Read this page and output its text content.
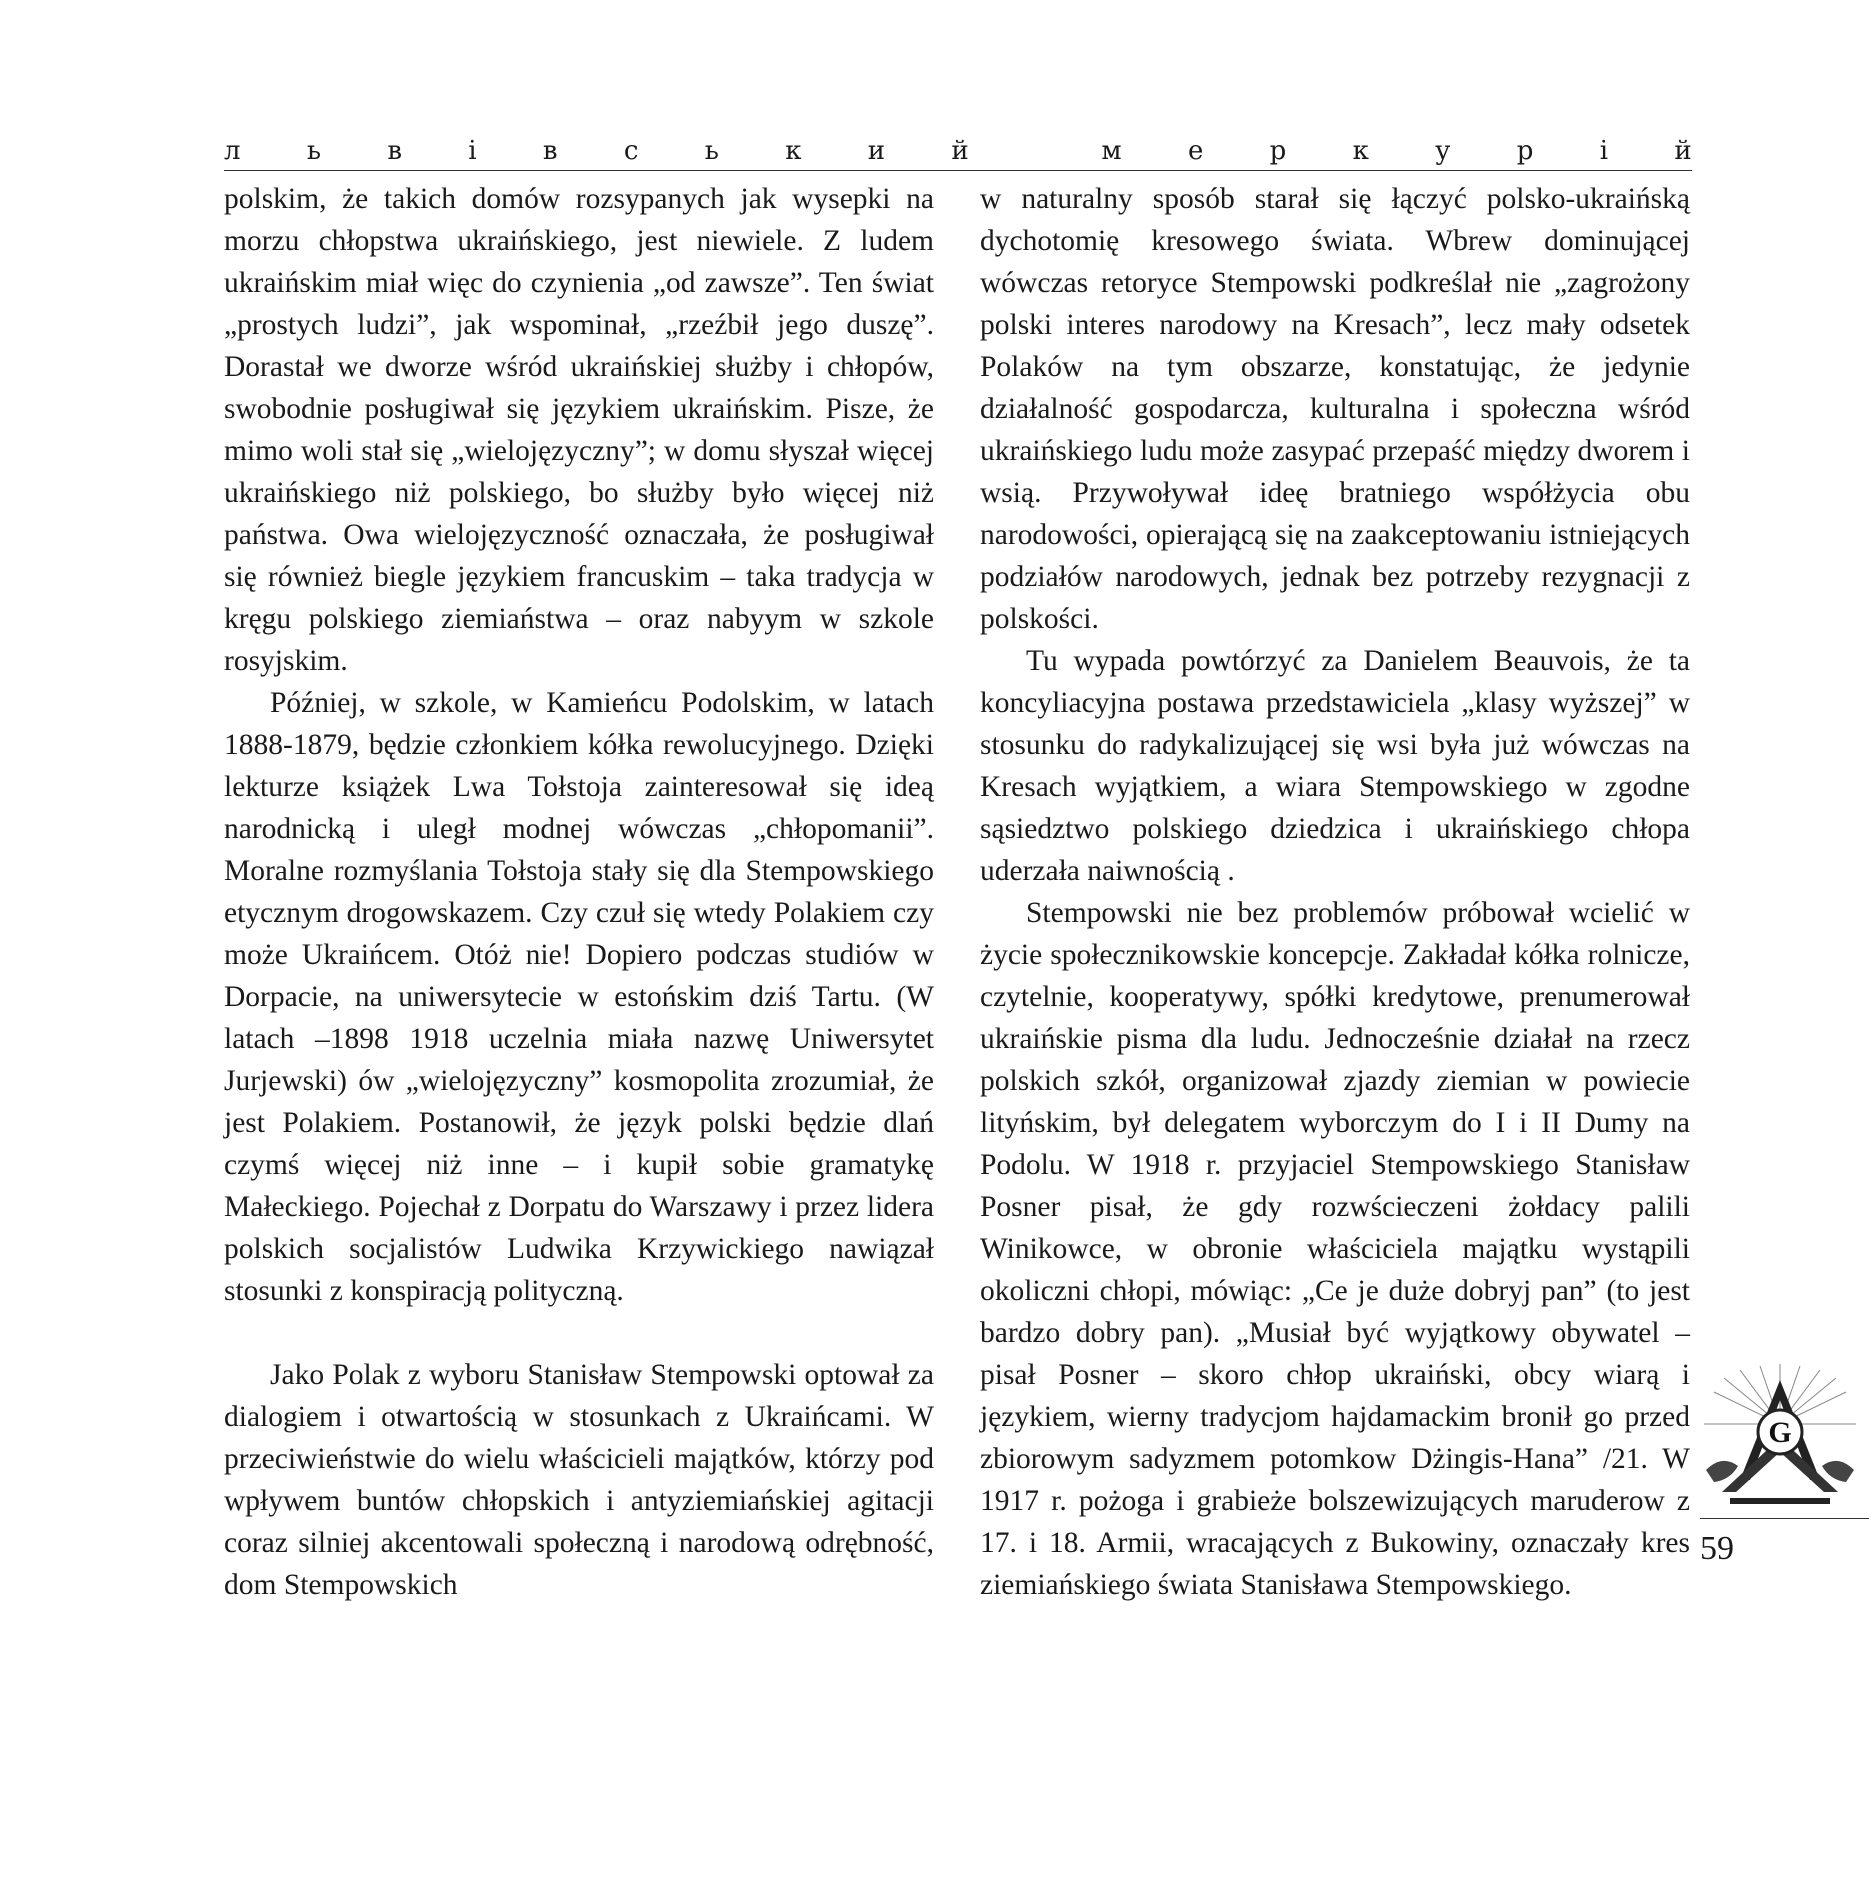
л	ь	в	і	в	с	ь	к	и	й	м	е	р	к	у	р	і	й

polskim, że takich domów rozsypanych jak wysepki na morzu chłopstwa ukraińskiego, jest niewiele. Z ludem ukraińskim miał więc do czynienia „od zawsze”. Ten świat „prostych ludzi”, jak wspominał, „rzeźbił jego duszę”. Dorastał we dworze wśród ukraińskiej służby i chłopów, swobodnie posługiwał się językiem ukraińskim. Pisze, że mimo woli stał się „wielojęzyczny”; w domu słyszał więcej ukraińskiego niż polskiego, bo służby było więcej niż państwa. Owa wielojęzyczność oznaczała, że posługiwał się również biegle językiem francuskim – taka tradycja w kręgu polskiego ziemiaństwa – oraz nabyym w szkole rosyjskim.

Później, w szkole, w Kamieńcu Podolskim, w latach 1888-1879, będzie członkiem kółka rewolucyjnego. Dzięki lekturze książek Lwa Tołstoja zainteresował się ideą narodnicką i uległ modnej wówczas „chłopomanii”. Moralne rozmyślania Tołstoja stały się dla Stempowskiego etycznym drogowskazem. Czy czuł się wtedy Polakiem czy może Ukraińcem. Otóż nie! Dopiero podczas studiów w Dorpacie, na uniwersytecie w estońskim dziś Tartu. (W latach –1898 1918 uczelnia miała nazwę Uniwersytet Jurjewski) ów „wielojęzyczny” kosmopolita zrozumiał, że jest Polakiem. Postanowił, że język polski będzie dlań czymś więcej niż inne – i kupił sobie gramatykę Małeckiego. Pojechał z Dorpatu do Warszawy i przez lidera polskich socjalistów Ludwika Krzywickiego nawiązał stosunki z konspiracją polityczną.

Jako Polak z wyboru Stanisław Stempowski optował za dialogiem i otwartością w stosunkach z Ukraińcami. W przeciwieństwie do wielu właścicieli majątków, którzy pod wpływem buntów chłopskich i antyziemiańskiej agitacji coraz silniej akcentowali społeczną i narodową odrębność, dom Stempowskich

w naturalny sposób starał się łączyć polsko-ukraińską dychotomię kresowego świata. Wbrew dominującej wówczas retoryce Stempowski podkreślał nie „zagrożony polski interes narodowy na Kresach”, lecz mały odsetek Polaków na tym obszarze, konstatując, że jedynie działalność gospodarcza, kulturalna i społeczna wśród ukraińskiego ludu może zasypać przepaść między dworem i wsią. Przywoływał ideę bratniego współżycia obu narodowości, opierającą się na zaakceptowaniu istniejących podziałów narodowych, jednak bez potrzeby rezygnacji z polskości.

Tu wypada powtórzyć za Danielem Beauvois, że ta koncyliacyjna postawa przedstawiciela „klasy wyższej” w stosunku do radykalizującej się wsi była już wówczas na Kresach wyjątkiem, a wiara Stempowskiego w zgodne sąsiedztwo polskiego dziedzica i ukraińskiego chłopa uderzała naiwnością .

Stempowski nie bez problemów próbował wcielić w życie społecznikowskie koncepcje. Zakładał kółka rolnicze, czytelnie, kooperatywy, spółki kredytowe, prenumerował ukraińskie pisma dla ludu. Jednocześnie działał na rzecz polskich szkół, organizował zjazdy ziemian w powiecie lityńskim, był delegatem wyborczym do I i II Dumy na Podolu. W 1918 r. przyjaciel Stempowskiego Stanisław Posner pisał, że gdy rozwścieczeni żołdacy palili Winikowce, w obronie właściciela majątku wystąpili okoliczni chłopi, mówiąc: „Ce je duże dobryj pan” (to jest bardzo dobry pan). „Musiał być wyjątkowy obywatel – pisał Posner – skoro chłop ukraiński, obcy wiarą i językiem, wierny tradycjom hajdamackim bronił go przed zbiorowym sadyzmem potomkow Dżingis-Hana” /21. W 1917 r. pożoga i grabieże bolszewizujących maruderow z 17. i 18. Armii, wracających z Bukowiny, oznaczały kres ziemiańskiego świata Stanisława Stempowskiego.

G
59
